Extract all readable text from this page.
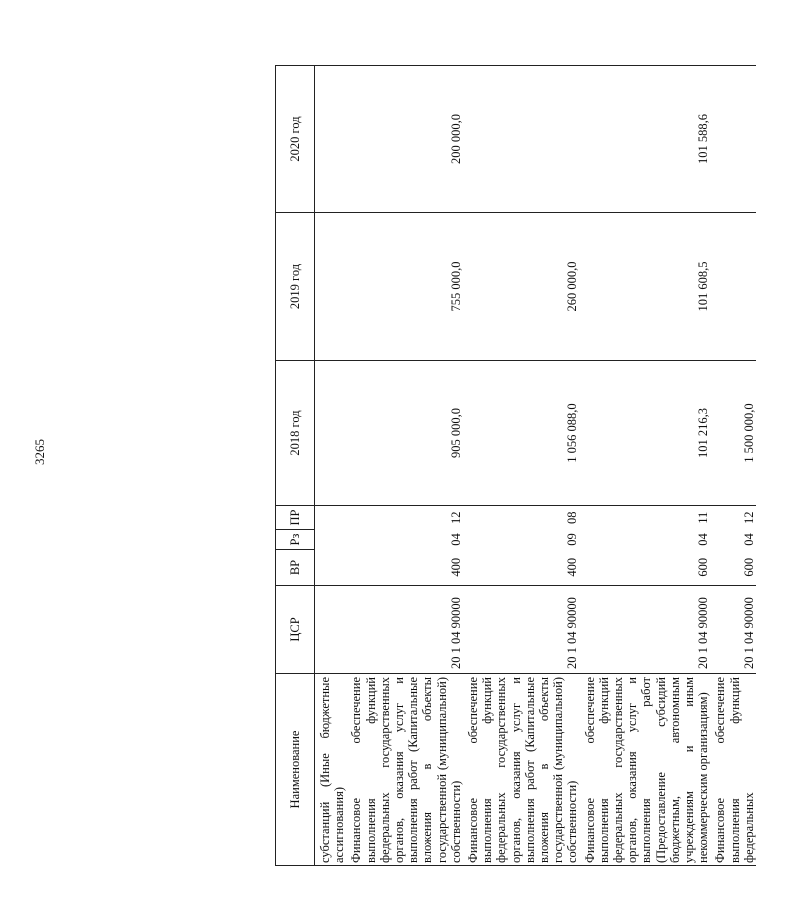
3265
Наименование	ЦСР	ВР	Рз	ПР	2018 год	2019 год	2020 год
субстанций (Иные бюджетные ассигнования)							
Финансовое обеспечение выполнения функций федеральных государственных органов, оказания услуг и выполнения работ (Капитальные вложения в объекты государственной (муниципальной) собственности)	20 1 04 90000	400	04	12	905 000,0	755 000,0	200 000,0
Финансовое обеспечение выполнения функций федеральных государственных органов, оказания услуг и выполнения работ (Капитальные вложения в объекты государственной (муниципальной) собственности)	20 1 04 90000	400	09	08	1 056 088,0	260 000,0	
Финансовое обеспечение выполнения функций федеральных государственных органов, оказания услуг и выполнения работ (Предоставление субсидий бюджетным, автономным учреждениям и иным некоммерческим организациям)	20 1 04 90000	600	04	11	101 216,3	101 608,5	101 588,6
Финансовое обеспечение выполнения функций федеральных	20 1 04 90000	600	04	12	1 500 000,0		
